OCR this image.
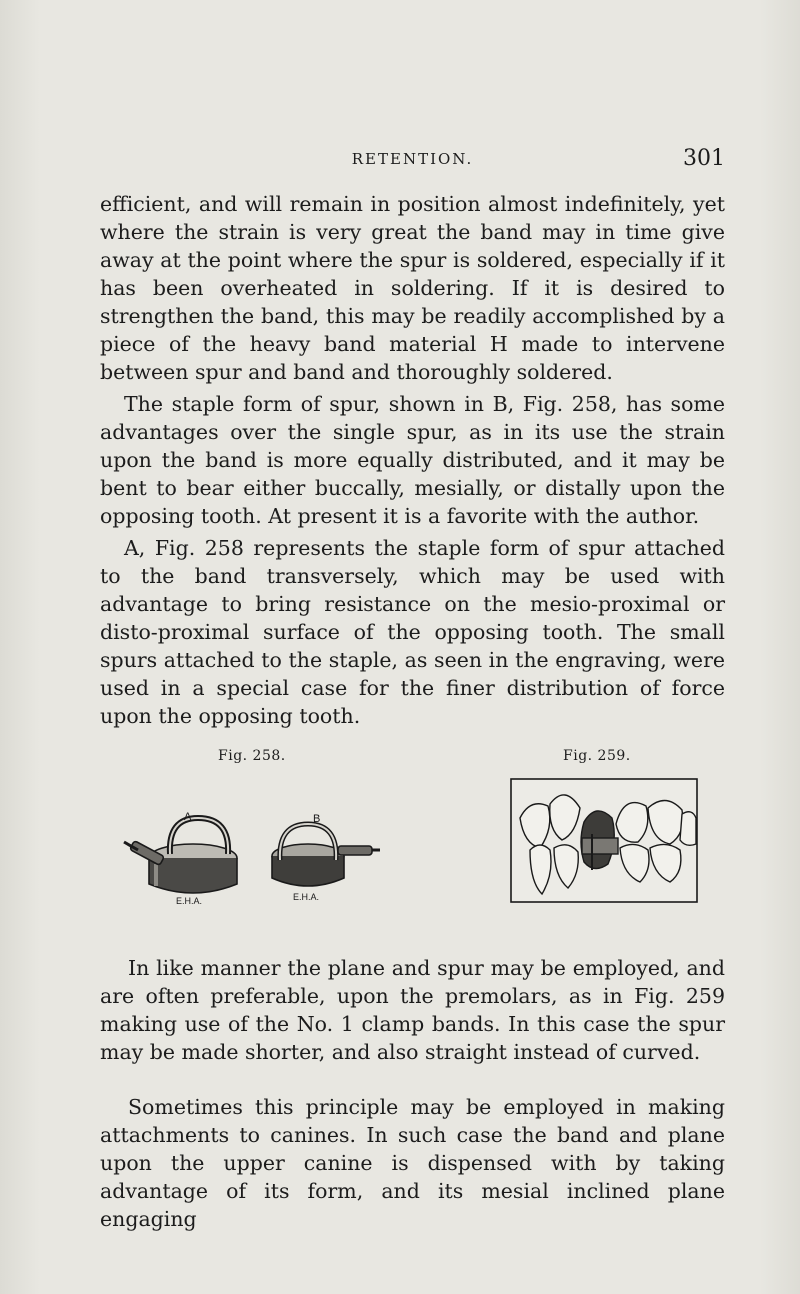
RETENTION.	301

efficient, and will remain in position almost indefinitely, yet where the strain is very great the band may in time give away at the point where the spur is soldered, especially if it has been overheated in soldering. If it is desired to strengthen the band, this may be readily accomplished by a piece of the heavy band material H made to intervene between spur and band and thoroughly soldered.

The staple form of spur, shown in B, Fig. 258, has some advantages over the single spur, as in its use the strain upon the band is more equally distributed, and it may be bent to bear either buccally, mesially, or distally upon the opposing tooth. At present it is a favorite with the author.

A, Fig. 258 represents the staple form of spur attached to the band transversely, which may be used with advantage to bring resistance on the mesio-proximal or disto-proximal surface of the opposing tooth. The small spurs attached to the staple, as seen in the engraving, were used in a special case for the finer distribution of force upon the opposing tooth.

Fig. 258.	Fig. 259.
A
E.H.A.
B
E.H.A.

In like manner the plane and spur may be employed, and are often preferable, upon the premolars, as in Fig. 259 making use of the No. 1 clamp bands. In this case the spur may be made shorter, and also straight instead of curved.

Sometimes this principle may be employed in making attachments to canines. In such case the band and plane upon the upper canine is dispensed with by taking advantage of its form, and its mesial inclined plane engaging
